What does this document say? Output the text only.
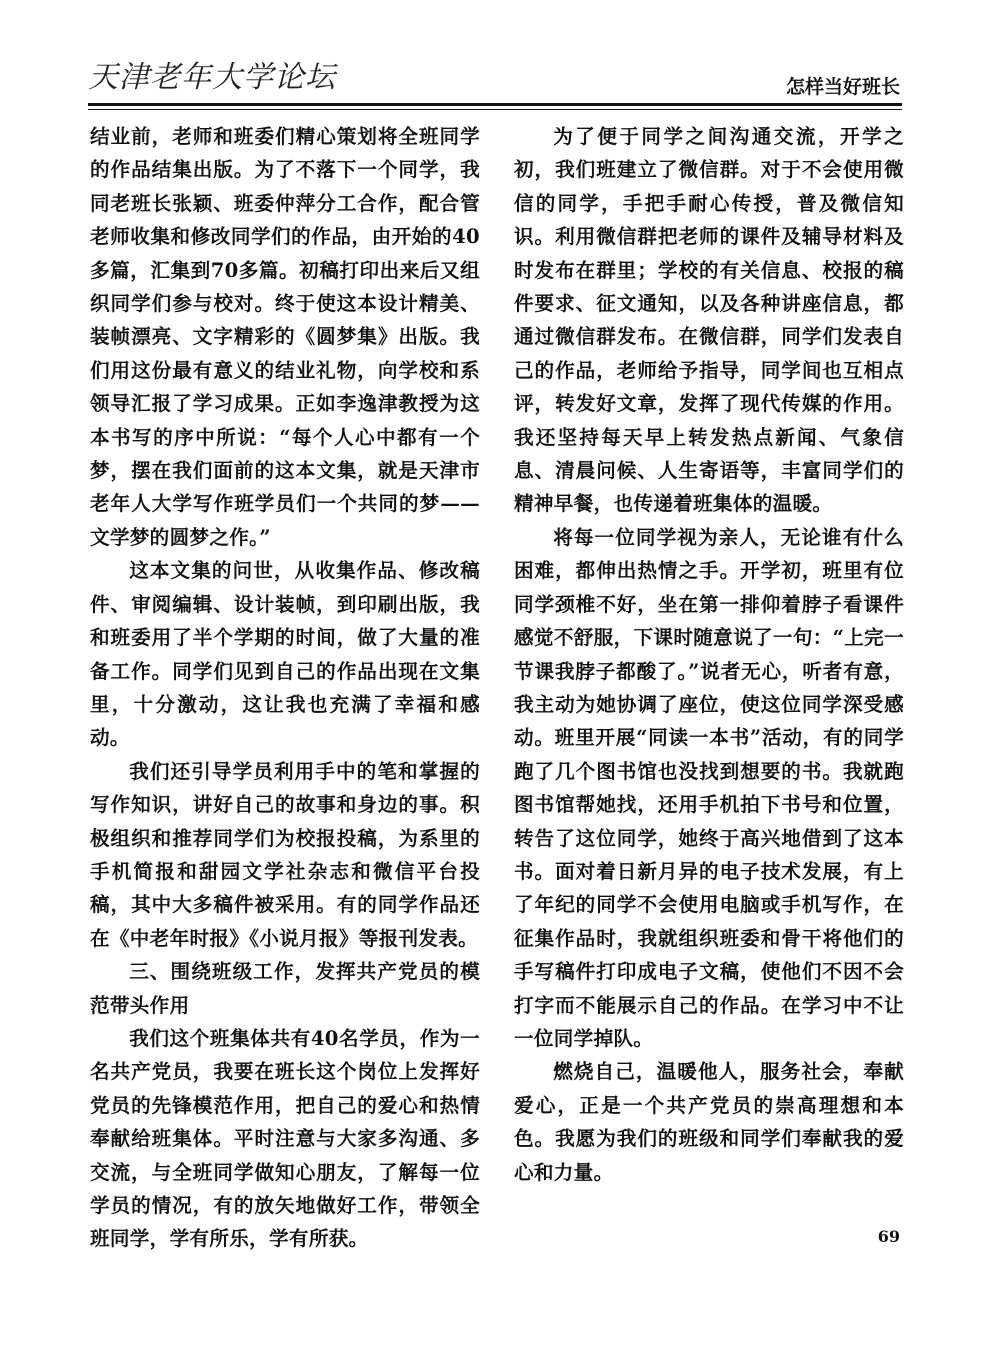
天津老年大学论坛	怎样当好班长

结业前，老师和班委们精心策划将全班同学的作品结集出版。为了不落下一个同学，我同老班长张颖、班委仲萍分工合作，配合管老师收集和修改同学们的作品，由开始的40多篇，汇集到70多篇。初稿打印出来后又组织同学们参与校对。终于使这本设计精美、装帧漂亮、文字精彩的《圆梦集》出版。我们用这份最有意义的结业礼物，向学校和系领导汇报了学习成果。正如李逸津教授为这本书写的序中所说：“每个人心中都有一个梦，摆在我们面前的这本文集，就是天津市老年人大学写作班学员们一个共同的梦——文学梦的圆梦之作。”

这本文集的问世，从收集作品、修改稿件、审阅编辑、设计装帧，到印刷出版，我和班委用了半个学期的时间，做了大量的准备工作。同学们见到自己的作品出现在文集里，十分激动，这让我也充满了幸福和感动。

我们还引导学员利用手中的笔和掌握的写作知识，讲好自己的故事和身边的事。积极组织和推荐同学们为校报投稿，为系里的手机简报和甜园文学社杂志和微信平台投稿，其中大多稿件被采用。有的同学作品还在《中老年时报》《小说月报》等报刊发表。

三、围绕班级工作，发挥共产党员的模范带头作用

我们这个班集体共有40名学员，作为一名共产党员，我要在班长这个岗位上发挥好党员的先锋模范作用，把自己的爱心和热情奉献给班集体。平时注意与大家多沟通、多交流，与全班同学做知心朋友，了解每一位学员的情况，有的放矢地做好工作，带领全班同学，学有所乐，学有所获。

为了便于同学之间沟通交流，开学之初，我们班建立了微信群。对于不会使用微信的同学，手把手耐心传授，普及微信知识。利用微信群把老师的课件及辅导材料及时发布在群里；学校的有关信息、校报的稿件要求、征文通知，以及各种讲座信息，都通过微信群发布。在微信群，同学们发表自己的作品，老师给予指导，同学间也互相点评，转发好文章，发挥了现代传媒的作用。我还坚持每天早上转发热点新闻、气象信息、清晨问候、人生寄语等，丰富同学们的精神早餐，也传递着班集体的温暖。

将每一位同学视为亲人，无论谁有什么困难，都伸出热情之手。开学初，班里有位同学颈椎不好，坐在第一排仰着脖子看课件感觉不舒服，下课时随意说了一句：“上完一节课我脖子都酸了。”说者无心，听者有意，我主动为她协调了座位，使这位同学深受感动。班里开展“同读一本书”活动，有的同学跑了几个图书馆也没找到想要的书。我就跑图书馆帮她找，还用手机拍下书号和位置，转告了这位同学，她终于高兴地借到了这本书。面对着日新月异的电子技术发展，有上了年纪的同学不会使用电脑或手机写作，在征集作品时，我就组织班委和骨干将他们的手写稿件打印成电子文稿，使他们不因不会打字而不能展示自己的作品。在学习中不让一位同学掉队。

燃烧自己，温暖他人，服务社会，奉献爱心，正是一个共产党员的崇高理想和本色。我愿为我们的班级和同学们奉献我的爱心和力量。

69
